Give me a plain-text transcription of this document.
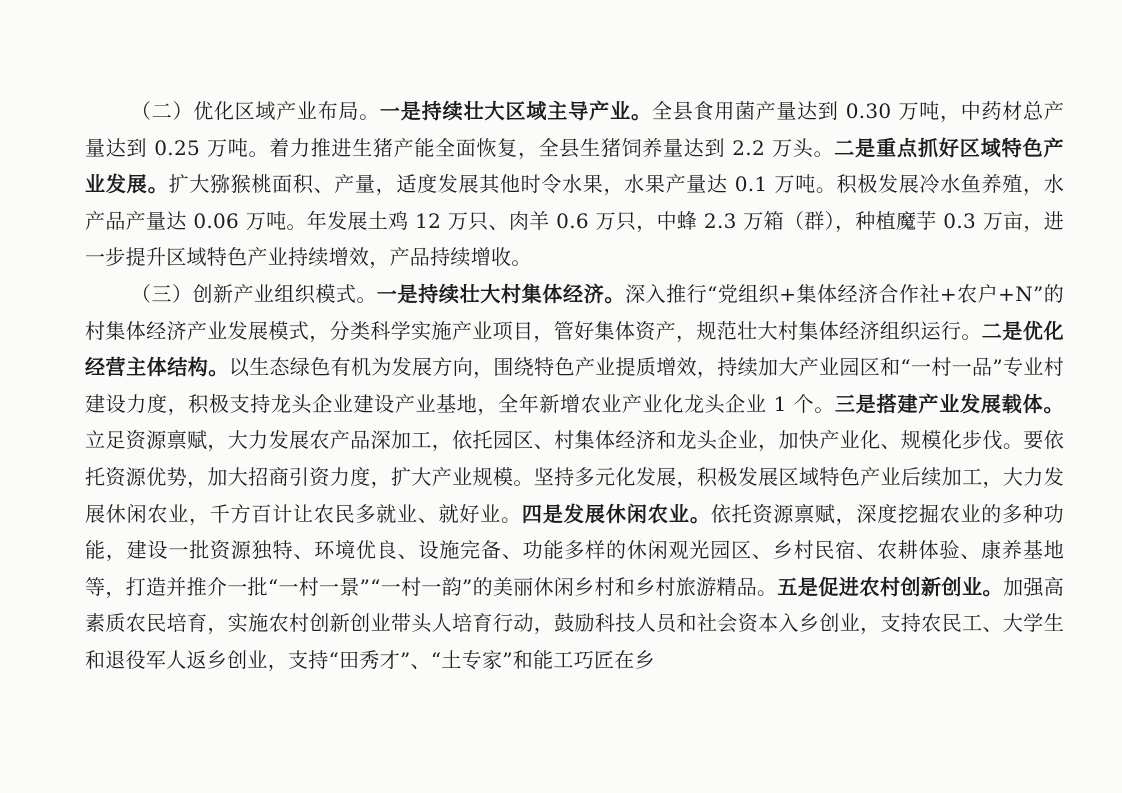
（二）优化区域产业布局。一是持续壮大区域主导产业。全县食用菌产量达到 0.30 万吨，中药材总产量达到 0.25 万吨。着力推进生猪产能全面恢复，全县生猪饲养量达到 2.2 万头。二是重点抓好区域特色产业发展。扩大猕猴桃面积、产量，适度发展其他时令水果，水果产量达 0.1 万吨。积极发展冷水鱼养殖，水产品产量达 0.06 万吨。年发展土鸡 12 万只、肉羊 0.6 万只，中蜂 2.3 万箱（群），种植魔芋 0.3 万亩，进一步提升区域特色产业持续增效，产品持续增收。

（三）创新产业组织模式。一是持续壮大村集体经济。深入推行“党组织+集体经济合作社+农户+N”的村集体经济产业发展模式，分类科学实施产业项目，管好集体资产，规范壮大村集体经济组织运行。二是优化经营主体结构。以生态绿色有机为发展方向，围绕特色产业提质增效，持续加大产业园区和“一村一品”专业村建设力度，积极支持龙头企业建设产业基地，全年新增农业产业化龙头企业 1 个。三是搭建产业发展载体。立足资源禀赋，大力发展农产品深加工，依托园区、村集体经济和龙头企业，加快产业化、规模化步伐。要依托资源优势，加大招商引资力度，扩大产业规模。坚持多元化发展，积极发展区域特色产业后续加工，大力发展休闲农业，千方百计让农民多就业、就好业。四是发展休闲农业。依托资源禀赋，深度挖掘农业的多种功能，建设一批资源独特、环境优良、设施完备、功能多样的休闲观光园区、乡村民宿、农耕体验、康养基地等，打造并推介一批“一村一景”“一村一韵”的美丽休闲乡村和乡村旅游精品。五是促进农村创新创业。加强高素质农民培育，实施农村创新创业带头人培育行动，鼓励科技人员和社会资本入乡创业，支持农民工、大学生和退役军人返乡创业，支持“田秀才”、“土专家”和能工巧匠在乡
